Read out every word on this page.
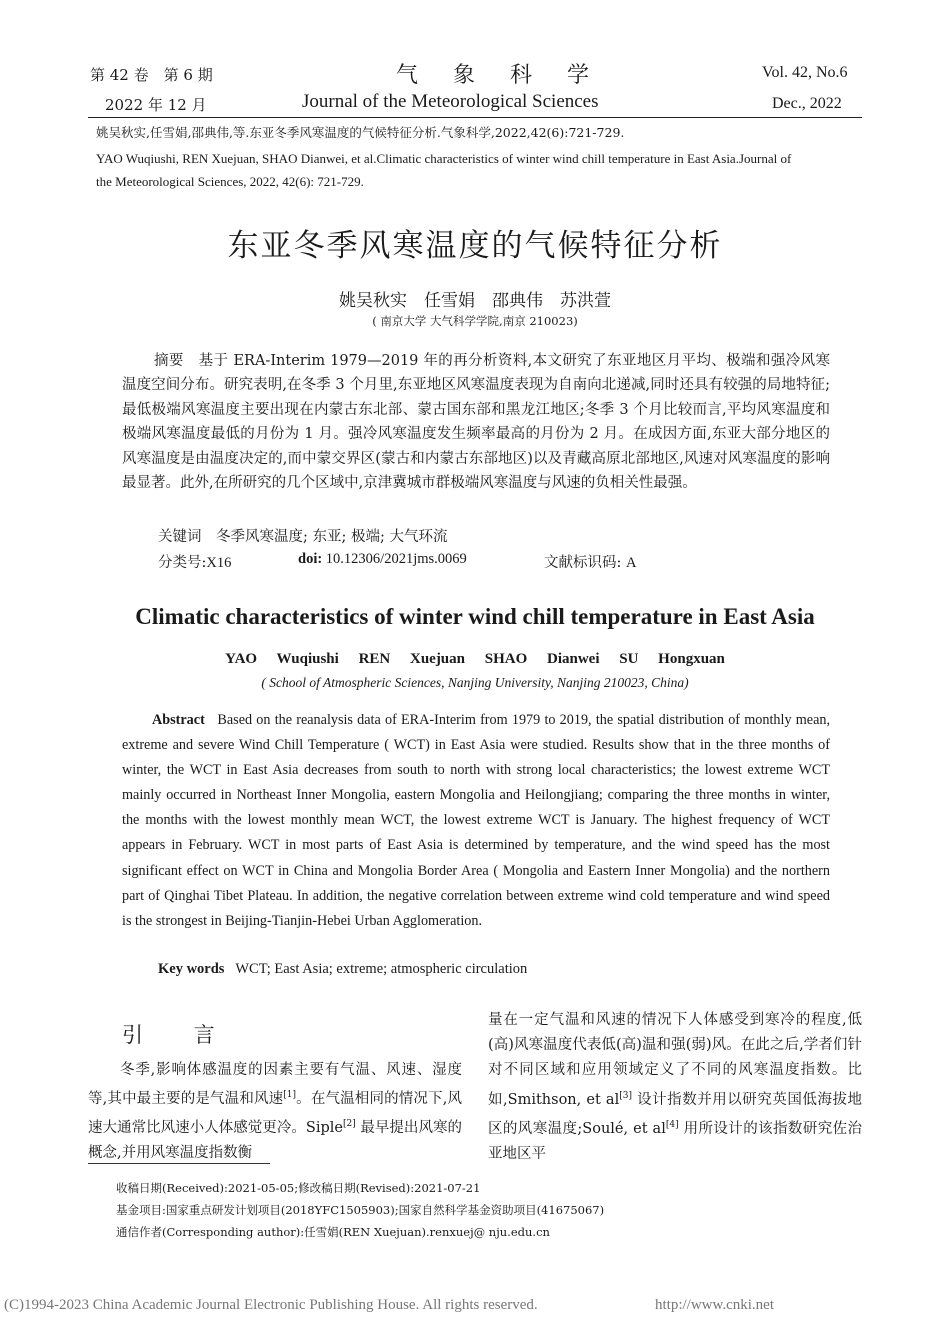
第 42 卷　第 6 期
2022 年 12 月
气 象 科 学
Journal of the Meteorological Sciences
Vol. 42, No.6
Dec., 2022
姚吴秋实,任雪娟,邵典伟,等.东亚冬季风寒温度的气候特征分析.气象科学,2022,42(6):721-729.
YAO Wuqiushi, REN Xuejuan, SHAO Dianwei, et al.Climatic characteristics of winter wind chill temperature in East Asia.Journal of
the Meteorological Sciences, 2022, 42(6): 721-729.
东亚冬季风寒温度的气候特征分析
姚吴秋实　任雪娟　邵典伟　苏洪萱
( 南京大学 大气科学学院,南京 210023)

摘要　 基于 ERA-Interim 1979—2019 年的再分析资料,本文研究了东亚地区月平均、极端和强冷风寒温度空间分布。研究表明,在冬季 3 个月里,东亚地区风寒温度表现为自南向北递减,同时还具有较强的局地特征;最低极端风寒温度主要出现在内蒙古东北部、蒙古国东部和黑龙江地区;冬季 3 个月比较而言,平均风寒温度和极端风寒温度最低的月份为 1 月。强冷风寒温度发生频率最高的月份为 2 月。在成因方面,东亚大部分地区的风寒温度是由温度决定的,而中蒙交界区(蒙古和内蒙古东部地区)以及青藏高原北部地区,风速对风寒温度的影响最显著。此外,在所研究的几个区域中,京津冀城市群极端风寒温度与风速的负相关性最强。

关键词　 冬季风寒温度; 东亚; 极端; 大气环流
分类号:X16	doi: 10.12306/2021jms.0069	文献标识码: A
Climatic characteristics of winter wind chill temperature in East Asia
YAO Wuqiushi REN Xuejuan SHAO Dianwei SU Hongxuan
( School of Atmospheric Sciences, Nanjing University, Nanjing 210023, China)

Abstract Based on the reanalysis data of ERA-Interim from 1979 to 2019, the spatial distribution of monthly mean, extreme and severe Wind Chill Temperature ( WCT) in East Asia were studied. Results show that in the three months of winter, the WCT in East Asia decreases from south to north with strong local characteristics; the lowest extreme WCT mainly occurred in Northeast Inner Mongolia, eastern Mongolia and Heilongjiang; comparing the three months in winter, the months with the lowest monthly mean WCT, the lowest extreme WCT is January. The highest frequency of WCT appears in February. WCT in most parts of East Asia is determined by temperature, and the wind speed has the most significant effect on WCT in China and Mongolia Border Area ( Mongolia and Eastern Inner Mongolia) and the northern part of Qinghai Tibet Plateau. In addition, the negative correlation between extreme wind cold temperature and wind speed is the strongest in Beijing-Tianjin-Hebei Urban Agglomeration.

Key words WCT; East Asia; extreme; atmospheric circulation
引 言

冬季,影响体感温度的因素主要有气温、风速、湿度等,其中最主要的是气温和风速[1]。在气温相同的情况下,风速大通常比风速小人体感觉更冷。Siple[2] 最早提出风寒的概念,并用风寒温度指数衡

量在一定气温和风速的情况下人体感受到寒冷的程度,低(高)风寒温度代表低(高)温和强(弱)风。在此之后,学者们针对不同区域和应用领域定义了不同的风寒温度指数。比如,Smithson, et al[3] 设计指数并用以研究英国低海拔地区的风寒温度;Soulé, et al[4] 用所设计的该指数研究佐治亚地区平

收稿日期(Received):2021-05-05;修改稿日期(Revised):2021-07-21
基金项目:国家重点研发计划项目(2018YFC1505903);国家自然科学基金资助项目(41675067)
通信作者(Corresponding author):任雪娟(REN Xuejuan).renxuej@ nju.edu.cn
(C)1994-2023 China Academic Journal Electronic Publishing House. All rights reserved.	http://www.cnki.net
